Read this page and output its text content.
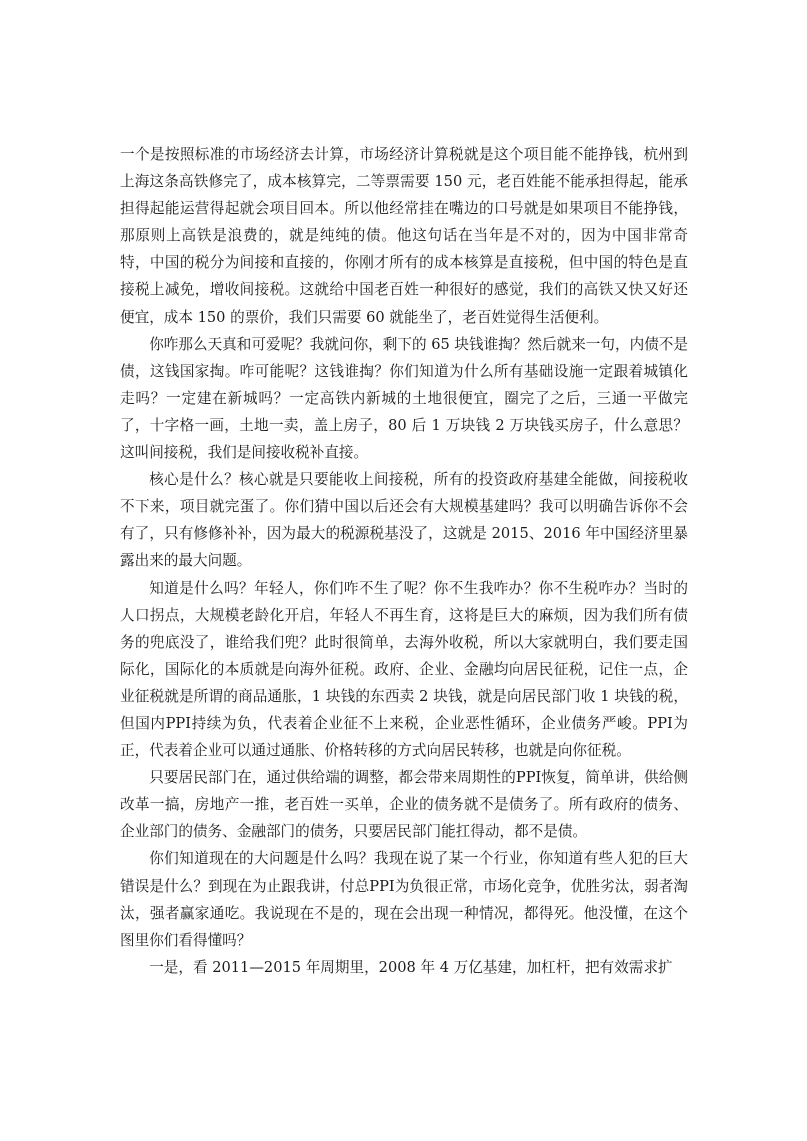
一个是按照标准的市场经济去计算，市场经济计算税就是这个项目能不能挣钱，杭州到上海这条高铁修完了，成本核算完，二等票需要 150 元，老百姓能不能承担得起，能承担得起能运营得起就会项目回本。所以他经常挂在嘴边的口号就是如果项目不能挣钱，那原则上高铁是浪费的，就是纯纯的债。他这句话在当年是不对的，因为中国非常奇特，中国的税分为间接和直接的，你刚才所有的成本核算是直接税，但中国的特色是直接税上减免，增收间接税。这就给中国老百姓一种很好的感觉，我们的高铁又快又好还便宜，成本 150 的票价，我们只需要 60 就能坐了，老百姓觉得生活便利。

你咋那么天真和可爱呢？我就问你，剩下的 65 块钱谁掏？然后就来一句，内债不是债，这钱国家掏。咋可能呢？这钱谁掏？你们知道为什么所有基础设施一定跟着城镇化走吗？一定建在新城吗？一定高铁内新城的土地很便宜，圈完了之后，三通一平做完了，十字格一画，土地一卖，盖上房子，80 后 1 万块钱 2 万块钱买房子，什么意思？这叫间接税，我们是间接收税补直接。

核心是什么？核心就是只要能收上间接税，所有的投资政府基建全能做，间接税收不下来，项目就完蛋了。你们猜中国以后还会有大规模基建吗？我可以明确告诉你不会有了，只有修修补补，因为最大的税源税基没了，这就是 2015、2016 年中国经济里暴露出来的最大问题。

知道是什么吗？年轻人，你们咋不生了呢？你不生我咋办？你不生税咋办？当时的人口拐点，大规模老龄化开启，年轻人不再生育，这将是巨大的麻烦，因为我们所有债务的兜底没了，谁给我们兜？此时很简单，去海外收税，所以大家就明白，我们要走国际化，国际化的本质就是向海外征税。政府、企业、金融均向居民征税，记住一点，企业征税就是所谓的商品通胀，1 块钱的东西卖 2 块钱，就是向居民部门收 1 块钱的税，但国内PPI持续为负，代表着企业征不上来税，企业恶性循环，企业债务严峻。PPI为正，代表着企业可以通过通胀、价格转移的方式向居民转移，也就是向你征税。

只要居民部门在，通过供给端的调整，都会带来周期性的PPI恢复，简单讲，供给侧改革一搞，房地产一推，老百姓一买单，企业的债务就不是债务了。所有政府的债务、企业部门的债务、金融部门的债务，只要居民部门能扛得动，都不是债。

你们知道现在的大问题是什么吗？我现在说了某一个行业，你知道有些人犯的巨大错误是什么？到现在为止跟我讲，付总PPI为负很正常，市场化竞争，优胜劣汰，弱者淘汰，强者赢家通吃。我说现在不是的，现在会出现一种情况，都得死。他没懂，在这个图里你们看得懂吗？

一是，看 2011—2015 年周期里，2008 年 4 万亿基建，加杠杆，把有效需求扩
